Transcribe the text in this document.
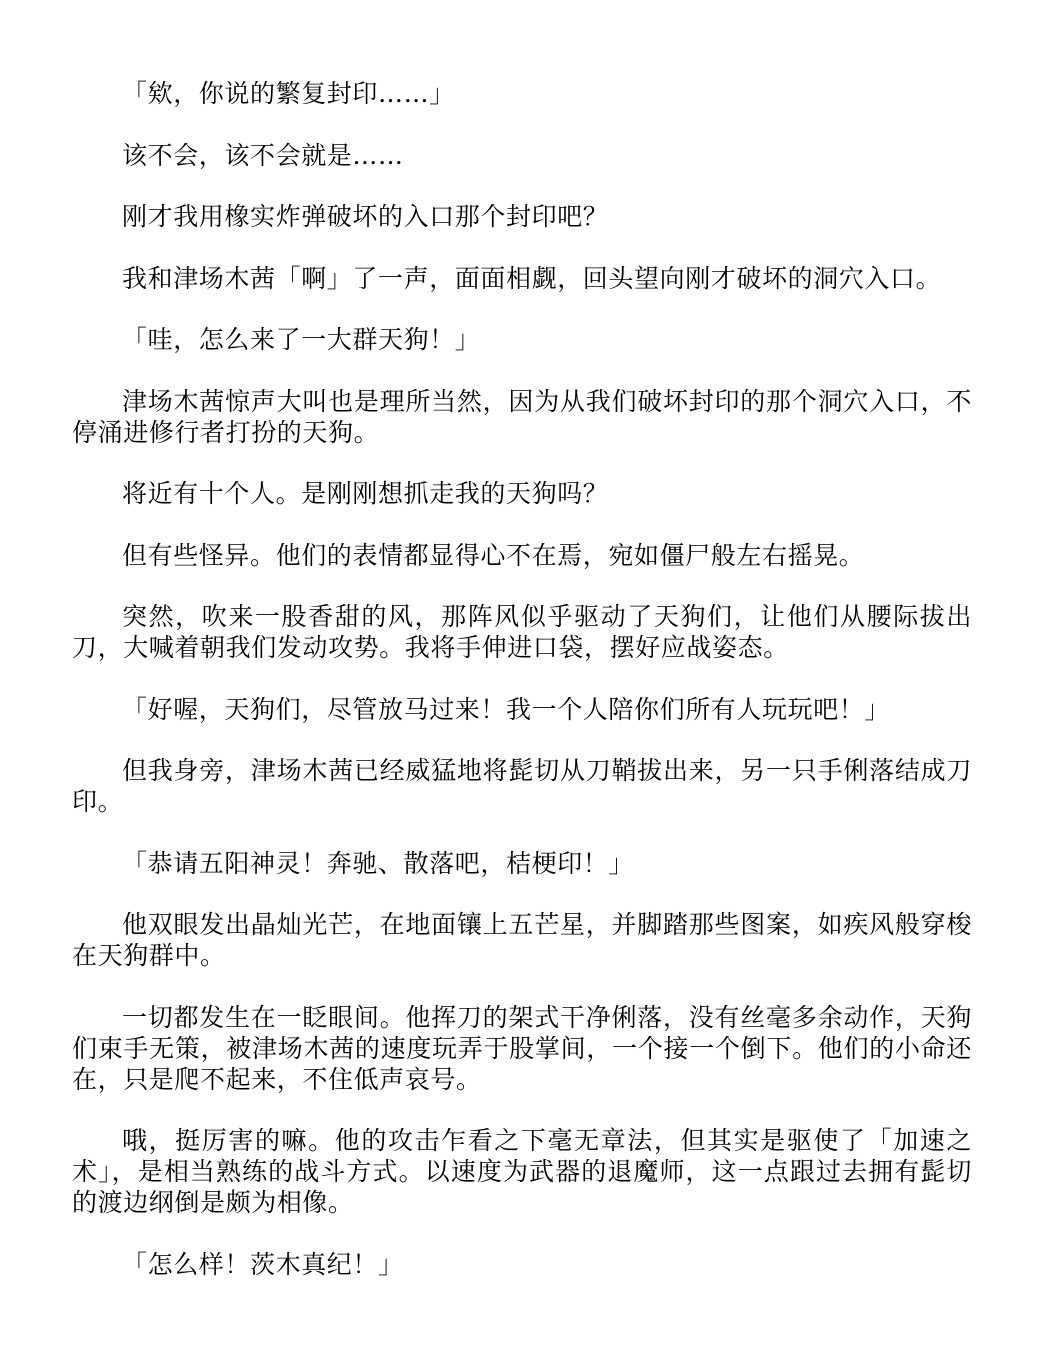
「欸，你说的繁复封印……」

该不会，该不会就是……

刚才我用橡实炸弹破坏的入口那个封印吧？

我和津场木茜「啊」了一声，面面相觑，回头望向刚才破坏的洞穴入口。

「哇，怎么来了一大群天狗！」

津场木茜惊声大叫也是理所当然，因为从我们破坏封印的那个洞穴入口，不停涌进修行者打扮的天狗。

将近有十个人。是刚刚想抓走我的天狗吗？

但有些怪异。他们的表情都显得心不在焉，宛如僵尸般左右摇晃。

突然，吹来一股香甜的风，那阵风似乎驱动了天狗们，让他们从腰际拔出刀，大喊着朝我们发动攻势。我将手伸进口袋，摆好应战姿态。

「好喔，天狗们，尽管放马过来！我一个人陪你们所有人玩玩吧！」

但我身旁，津场木茜已经威猛地将髭切从刀鞘拔出来，另一只手俐落结成刀印。

「恭请五阳神灵！奔驰、散落吧，桔梗印！」

他双眼发出晶灿光芒，在地面镶上五芒星，并脚踏那些图案，如疾风般穿梭在天狗群中。

一切都发生在一眨眼间。他挥刀的架式干净俐落，没有丝毫多余动作，天狗们束手无策，被津场木茜的速度玩弄于股掌间，一个接一个倒下。他们的小命还在，只是爬不起来，不住低声哀号。

哦，挺厉害的嘛。他的攻击乍看之下毫无章法，但其实是驱使了「加速之术」，是相当熟练的战斗方式。以速度为武器的退魔师，这一点跟过去拥有髭切的渡边纲倒是颇为相像。

「怎么样！茨木真纪！」
